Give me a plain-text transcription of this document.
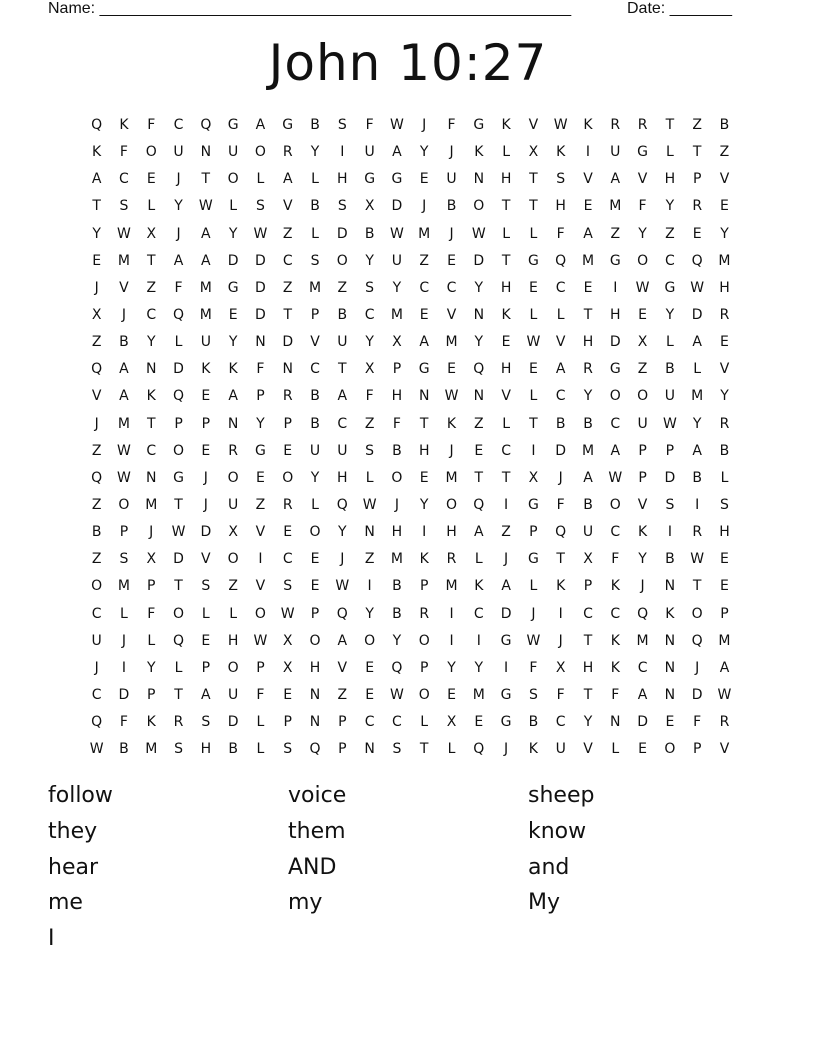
Name: _____________________________________________________	Date: _______
John 10:27
Q	K	F	C	Q	G	A	G	B	S	F	W	J	F	G	K	V	W	K	R	R	T	Z	B
K	F	O	U	N	U	O	R	Y	I	U	A	Y	J	K	L	X	K	I	U	G	L	T	Z
A	C	E	J	T	O	L	A	L	H	G	G	E	U	N	H	T	S	V	A	V	H	P	V
T	S	L	Y	W	L	S	V	B	S	X	D	J	B	O	T	T	H	E	M	F	Y	R	E
Y	W	X	J	A	Y	W	Z	L	D	B	W	M	J	W	L	L	F	A	Z	Y	Z	E	Y
E	M	T	A	A	D	D	C	S	O	Y	U	Z	E	D	T	G	Q	M	G	O	C	Q	M
J	V	Z	F	M	G	D	Z	M	Z	S	Y	C	C	Y	H	E	C	E	I	W	G	W	H
X	J	C	Q	M	E	D	T	P	B	C	M	E	V	N	K	L	L	T	H	E	Y	D	R
Z	B	Y	L	U	Y	N	D	V	U	Y	X	A	M	Y	E	W	V	H	D	X	L	A	E
Q	A	N	D	K	K	F	N	C	T	X	P	G	E	Q	H	E	A	R	G	Z	B	L	V
V	A	K	Q	E	A	P	R	B	A	F	H	N	W	N	V	L	C	Y	O	O	U	M	Y
J	M	T	P	P	N	Y	P	B	C	Z	F	T	K	Z	L	T	B	B	C	U	W	Y	R
Z	W	C	O	E	R	G	E	U	U	S	B	H	J	E	C	I	D	M	A	P	P	A	B
Q	W	N	G	J	O	E	O	Y	H	L	O	E	M	T	T	X	J	A	W	P	D	B	L
Z	O	M	T	J	U	Z	R	L	Q	W	J	Y	O	Q	I	G	F	B	O	V	S	I	S
B	P	J	W	D	X	V	E	O	Y	N	H	I	H	A	Z	P	Q	U	C	K	I	R	H
Z	S	X	D	V	O	I	C	E	J	Z	M	K	R	L	J	G	T	X	F	Y	B	W	E
O	M	P	T	S	Z	V	S	E	W	I	B	P	M	K	A	L	K	P	K	J	N	T	E
C	L	F	O	L	L	O	W	P	Q	Y	B	R	I	C	D	J	I	C	C	Q	K	O	P
U	J	L	Q	E	H	W	X	O	A	O	Y	O	I	I	G	W	J	T	K	M	N	Q	M
J	I	Y	L	P	O	P	X	H	V	E	Q	P	Y	Y	I	F	X	H	K	C	N	J	A
C	D	P	T	A	U	F	E	N	Z	E	W	O	E	M	G	S	F	T	F	A	N	D	W
Q	F	K	R	S	D	L	P	N	P	C	C	L	X	E	G	B	C	Y	N	D	E	F	R
W	B	M	S	H	B	L	S	Q	P	N	S	T	L	Q	J	K	U	V	L	E	O	P	V
follow	voice	sheep
they	them	know
hear	AND	and
me	my	My
I
